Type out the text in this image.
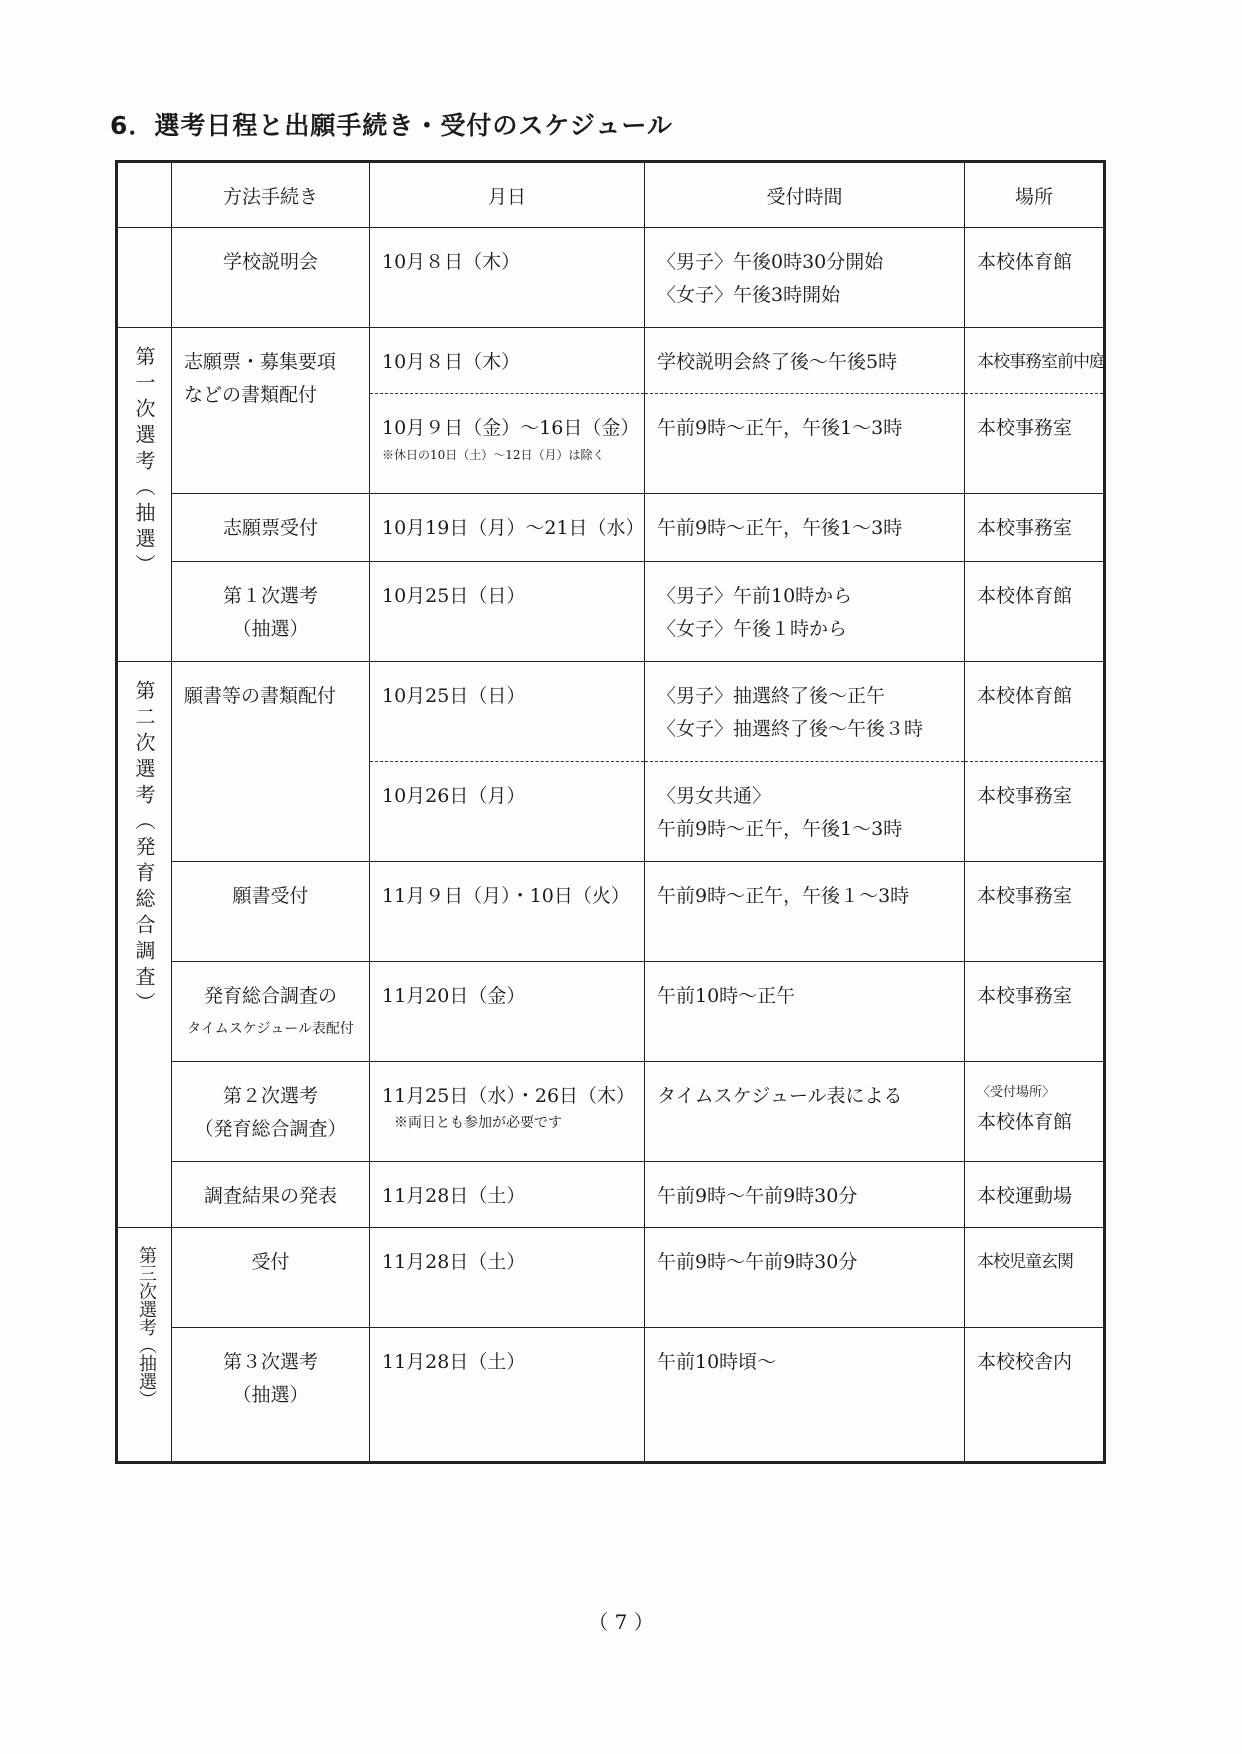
6．選考日程と出願手続き・受付のスケジュール
	方法手続き	月日	受付時間	場所

	学校説明会	10月８日（木）	〈男子〉午後0時30分開始
〈女子〉午後3時開始	本校体育館

第一次選考（抽選）	志願票・募集要項
などの書類配付	10月８日（木）	学校説明会終了後～午後5時	本校事務室前中庭

		10月９日（金）～16日（金）
※休日の10日（土）～12日（月）は除く	午前9時～正午，午後1～3時	本校事務室

	志願票受付	10月19日（月）～21日（水）	午前9時～正午，午後1～3時	本校事務室

	第１次選考
（抽選）	10月25日（日）	〈男子〉午前10時から
〈女子〉午後１時から	本校体育館

第二次選考（発育総合調査）	願書等の書類配付	10月25日（日）	〈男子〉抽選終了後～正午
〈女子〉抽選終了後～午後３時	本校体育館

		10月26日（月）	〈男女共通〉
午前9時～正午，午後1～3時	本校事務室

	願書受付	11月９日（月）・10日（火）	午前9時～正午，午後１～3時	本校事務室

	発育総合調査の
タイムスケジュール表配付	11月20日（金）	午前10時～正午	本校事務室

	第２次選考
（発育総合調査）	11月25日（水）・26日（木）
※両日とも参加が必要です	タイムスケジュール表による	〈受付場所〉
本校体育館

	調査結果の発表	11月28日（土）	午前9時～午前9時30分	本校運動場

第三次選考（抽選）	受付	11月28日（土）	午前9時～午前9時30分	本校児童玄関

	第３次選考
（抽選）	11月28日（土）	午前10時頃～	本校校舎内
（ 7 ）
